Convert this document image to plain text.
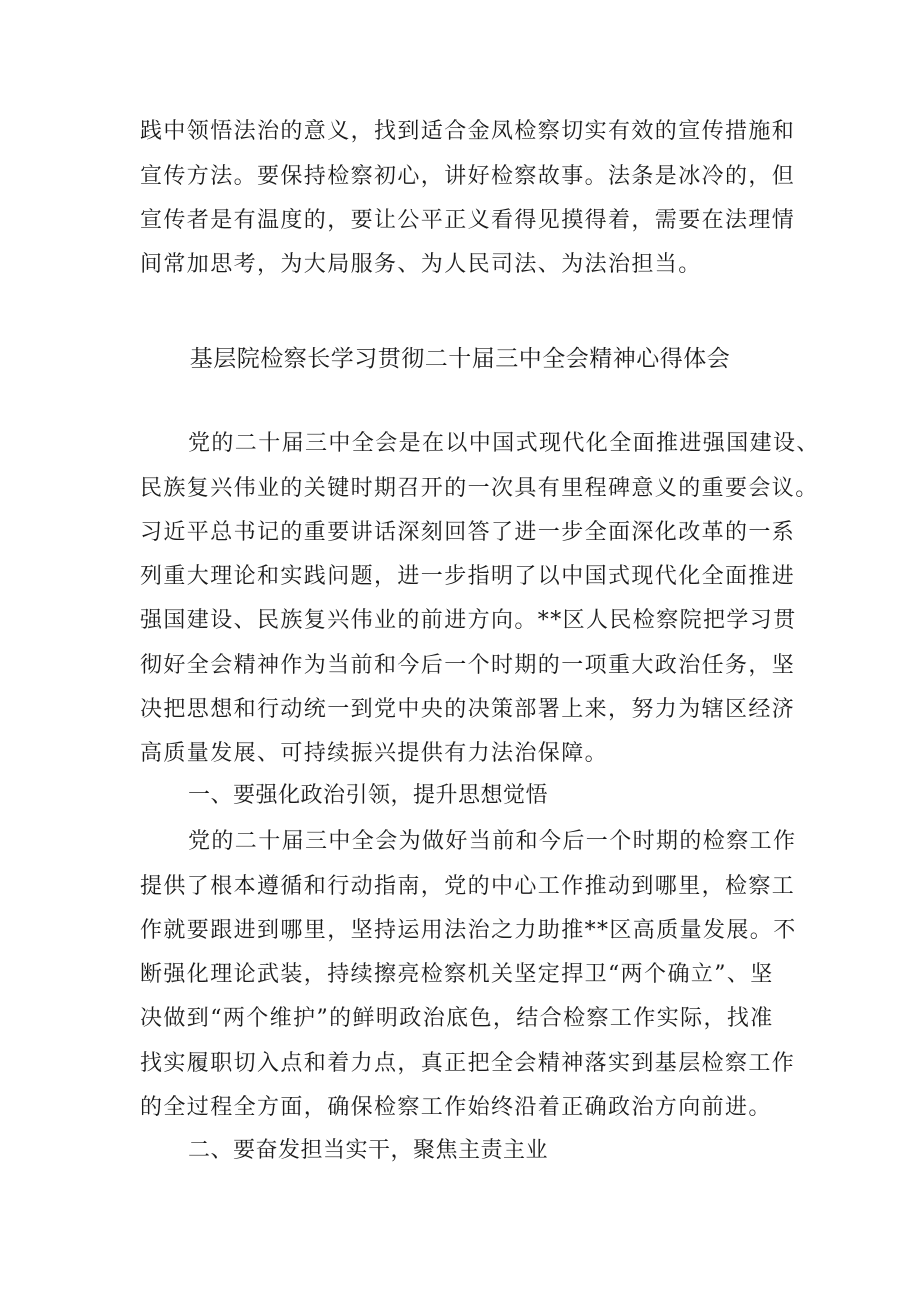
践中领悟法治的意义，找到适合金凤检察切实有效的宣传措施和
宣传方法。要保持检察初心，讲好检察故事。法条是冰冷的，但
宣传者是有温度的，要让公平正义看得见摸得着，需要在法理情
间常加思考，为大局服务、为人民司法、为法治担当。
基层院检察长学习贯彻二十届三中全会精神心得体会
党的二十届三中全会是在以中国式现代化全面推进强国建设、
民族复兴伟业的关键时期召开的一次具有里程碑意义的重要会议。
习近平总书记的重要讲话深刻回答了进一步全面深化改革的一系
列重大理论和实践问题，进一步指明了以中国式现代化全面推进
强国建设、民族复兴伟业的前进方向。**区人民检察院把学习贯
彻好全会精神作为当前和今后一个时期的一项重大政治任务，坚
决把思想和行动统一到党中央的决策部署上来，努力为辖区经济
高质量发展、可持续振兴提供有力法治保障。
一、要强化政治引领，提升思想觉悟
党的二十届三中全会为做好当前和今后一个时期的检察工作
提供了根本遵循和行动指南，党的中心工作推动到哪里，检察工
作就要跟进到哪里，坚持运用法治之力助推**区高质量发展。不
断强化理论武装，持续擦亮检察机关坚定捍卫“两个确立”、坚
决做到“两个维护”的鲜明政治底色，结合检察工作实际，找准
找实履职切入点和着力点，真正把全会精神落实到基层检察工作
的全过程全方面，确保检察工作始终沿着正确政治方向前进。
二、要奋发担当实干，聚焦主责主业
